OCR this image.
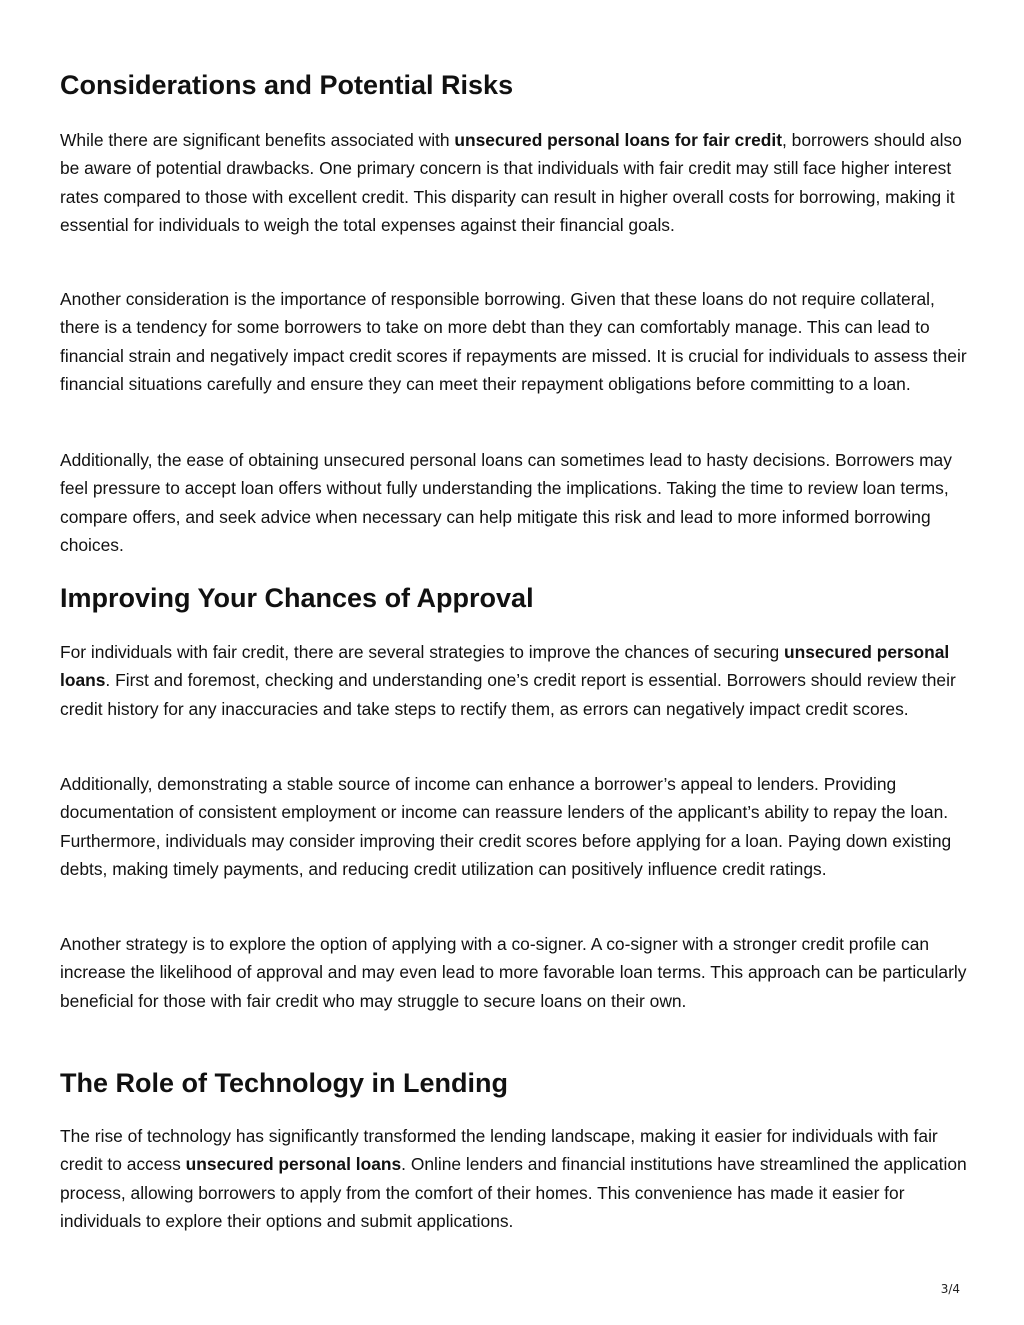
Considerations and Potential Risks

While there are significant benefits associated with unsecured personal loans for fair credit, borrowers should also be aware of potential drawbacks. One primary concern is that individuals with fair credit may still face higher interest rates compared to those with excellent credit. This disparity can result in higher overall costs for borrowing, making it essential for individuals to weigh the total expenses against their financial goals.

Another consideration is the importance of responsible borrowing. Given that these loans do not require collateral, there is a tendency for some borrowers to take on more debt than they can comfortably manage. This can lead to financial strain and negatively impact credit scores if repayments are missed. It is crucial for individuals to assess their financial situations carefully and ensure they can meet their repayment obligations before committing to a loan.

Additionally, the ease of obtaining unsecured personal loans can sometimes lead to hasty decisions. Borrowers may feel pressure to accept loan offers without fully understanding the implications. Taking the time to review loan terms, compare offers, and seek advice when necessary can help mitigate this risk and lead to more informed borrowing choices.

Improving Your Chances of Approval

For individuals with fair credit, there are several strategies to improve the chances of securing unsecured personal loans. First and foremost, checking and understanding one’s credit report is essential. Borrowers should review their credit history for any inaccuracies and take steps to rectify them, as errors can negatively impact credit scores.

Additionally, demonstrating a stable source of income can enhance a borrower’s appeal to lenders. Providing documentation of consistent employment or income can reassure lenders of the applicant’s ability to repay the loan. Furthermore, individuals may consider improving their credit scores before applying for a loan. Paying down existing debts, making timely payments, and reducing credit utilization can positively influence credit ratings.

Another strategy is to explore the option of applying with a co-signer. A co-signer with a stronger credit profile can increase the likelihood of approval and may even lead to more favorable loan terms. This approach can be particularly beneficial for those with fair credit who may struggle to secure loans on their own.

The Role of Technology in Lending

The rise of technology has significantly transformed the lending landscape, making it easier for individuals with fair credit to access unsecured personal loans. Online lenders and financial institutions have streamlined the application process, allowing borrowers to apply from the comfort of their homes. This convenience has made it easier for individuals to explore their options and submit applications.

3/4
